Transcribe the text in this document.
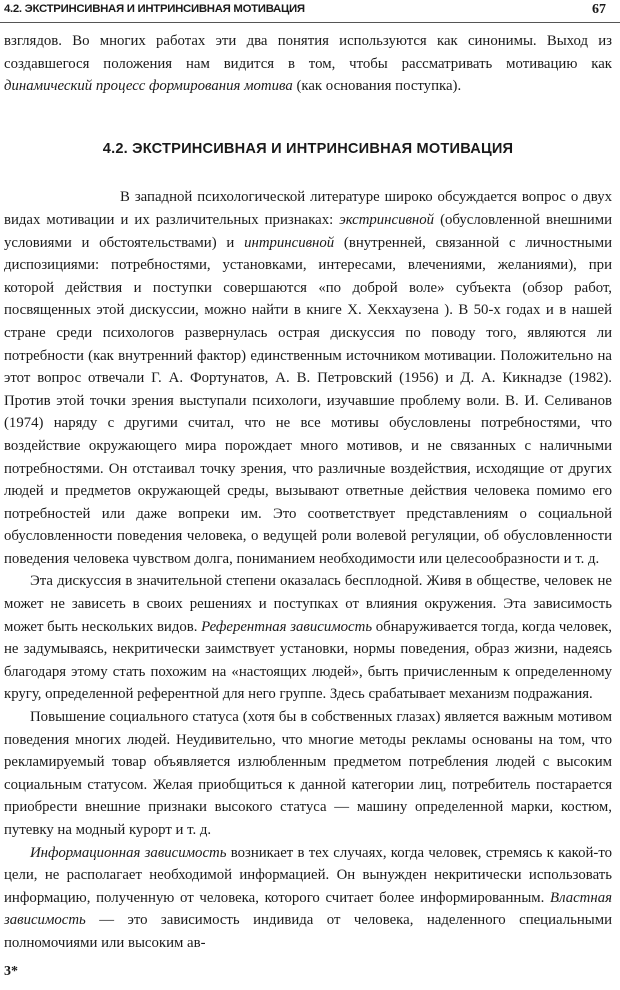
4.2. ЭКСТРИНСИВНАЯ И ИНТРИНСИВНАЯ МОТИВАЦИЯ	67

взглядов. Во многих работах эти два понятия используются как синонимы. Выход из создавшегося положения нам видится в том, чтобы рассматривать мотивацию как динамический процесс формирования мотива (как основания поступка).

4.2. ЭКСТРИНСИВНАЯ И ИНТРИНСИВНАЯ МОТИВАЦИЯ

В западной психологической литературе широко обсуждается вопрос о двух видах мотивации и их различительных признаках: экстринсивной (обусловленной внешними условиями и обстоятельствами) и интринсивной (внутренней, связанной с личностными диспозициями: потребностями, установками, интересами, влечениями, желаниями), при которой действия и поступки совершаются «по доброй воле» субъекта (обзор работ, посвященных этой дискуссии, можно найти в книге Х. Хекхаузена ). В 50-х годах и в нашей стране среди психологов развернулась острая дискуссия по поводу того, являются ли потребности (как внутренний фактор) единственным источником мотивации. Положительно на этот вопрос отвечали Г. А. Фортунатов, А. В. Петровский (1956) и Д. А. Кикнадзе (1982). Против этой точки зрения выступали психологи, изучавшие проблему воли. В. И. Селиванов (1974) наряду с другими считал, что не все мотивы обусловлены потребностями, что воздействие окружающего мира порождает много мотивов, и не связанных с наличными потребностями. Он отстаивал точку зрения, что различные воздействия, исходящие от других людей и предметов окружающей среды, вызывают ответные действия человека помимо его потребностей или даже вопреки им. Это соответствует представлениям о социальной обусловленности поведения человека, о ведущей роли волевой регуляции, об обусловленности поведения человека чувством долга, пониманием необходимости или целесообразности и т. д.

Эта дискуссия в значительной степени оказалась бесплодной. Живя в обществе, человек не может не зависеть в своих решениях и поступках от влияния окружения. Эта зависимость может быть нескольких видов. Референтная зависимость обнаруживается тогда, когда человек, не задумываясь, некритически заимствует установки, нормы поведения, образ жизни, надеясь благодаря этому стать похожим на «настоящих людей», быть причисленным к определенному кругу, определенной референтной для него группе. Здесь срабатывает механизм подражания.

Повышение социального статуса (хотя бы в собственных глазах) является важным мотивом поведения многих людей. Неудивительно, что многие методы рекламы основаны на том, что рекламируемый товар объявляется излюбленным предметом потребления людей с высоким социальным статусом. Желая приобщиться к данной категории лиц, потребитель постарается приобрести внешние признаки высокого статуса — машину определенной марки, костюм, путевку на модный курорт и т. д.

Информационная зависимость возникает в тех случаях, когда человек, стремясь к какой-то цели, не располагает необходимой информацией. Он вынужден некритически использовать информацию, полученную от человека, которого считает более информированным. Властная зависимость — это зависимость индивида от человека, наделенного специальными полномочиями или высоким ав-

3*
